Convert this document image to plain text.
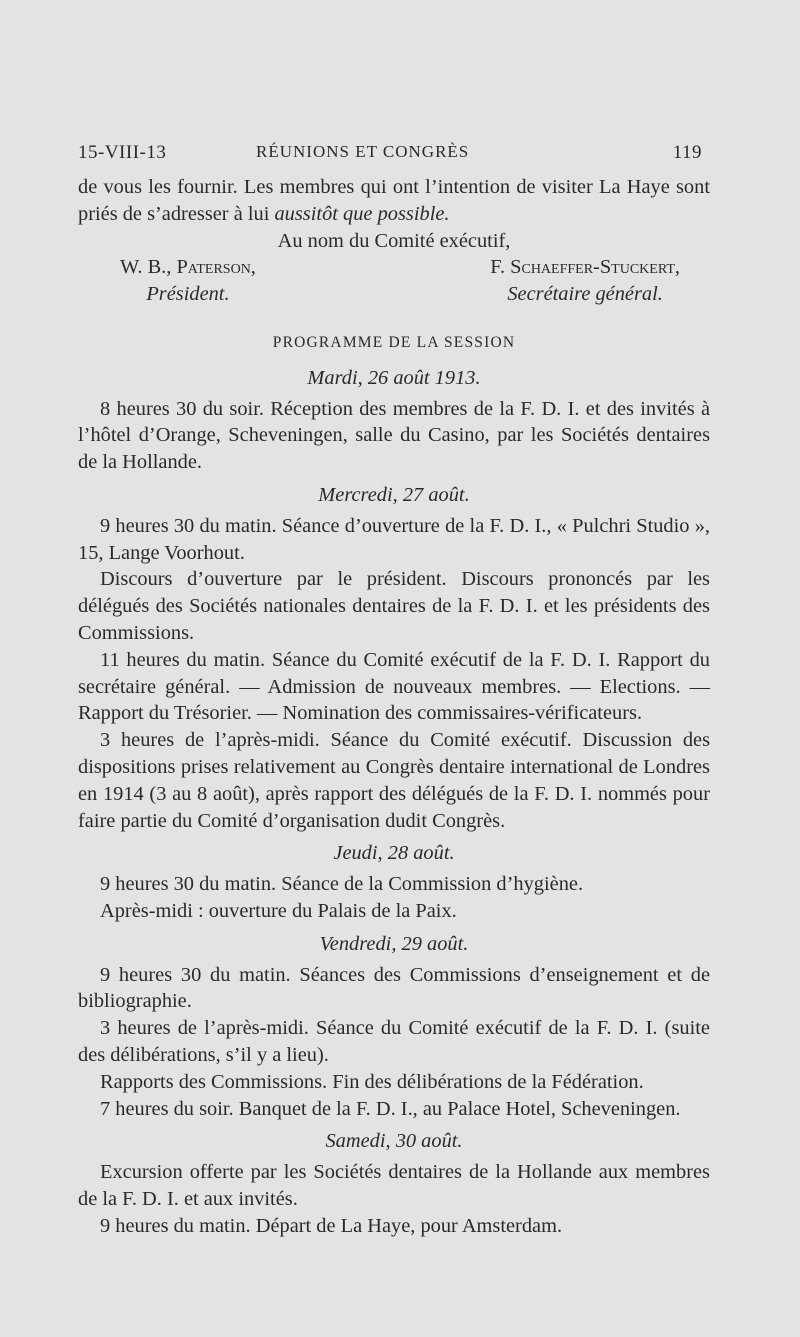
15-VIII-13	RÉUNIONS ET CONGRÈS	119

de vous les fournir. Les membres qui ont l’intention de visiter La Haye sont priés de s’adresser à lui aussitôt que possible.

Au nom du Comité exécutif,

W. B., Paterson,
Président.
F. Schaeffer-Stuckert,
Secrétaire général.
PROGRAMME DE LA SESSION
Mardi, 26 août 1913.

8 heures 30 du soir. Réception des membres de la F. D. I. et des invités à l’hôtel d’Orange, Scheveningen, salle du Casino, par les Sociétés dentaires de la Hollande.

Mercredi, 27 août.

9 heures 30 du matin. Séance d’ouverture de la F. D. I., « Pulchri Studio », 15, Lange Voorhout.

Discours d’ouverture par le président. Discours prononcés par les délégués des Sociétés nationales dentaires de la F. D. I. et les présidents des Commissions.

11 heures du matin. Séance du Comité exécutif de la F. D. I. Rapport du secrétaire général. — Admission de nouveaux membres. — Elections. — Rapport du Trésorier. — Nomination des commissaires-vérificateurs.

3 heures de l’après-midi. Séance du Comité exécutif. Discussion des dispositions prises relativement au Congrès dentaire international de Londres en 1914 (3 au 8 août), après rapport des délégués de la F. D. I. nommés pour faire partie du Comité d’organisation dudit Congrès.

Jeudi, 28 août.

9 heures 30 du matin. Séance de la Commission d’hygiène.

Après-midi : ouverture du Palais de la Paix.

Vendredi, 29 août.

9 heures 30 du matin. Séances des Commissions d’enseignement et de bibliographie.

3 heures de l’après-midi. Séance du Comité exécutif de la F. D. I. (suite des délibérations, s’il y a lieu).

Rapports des Commissions. Fin des délibérations de la Fédération.

7 heures du soir. Banquet de la F. D. I., au Palace Hotel, Scheveningen.

Samedi, 30 août.

Excursion offerte par les Sociétés dentaires de la Hollande aux membres de la F. D. I. et aux invités.

9 heures du matin. Départ de La Haye, pour Amsterdam.
